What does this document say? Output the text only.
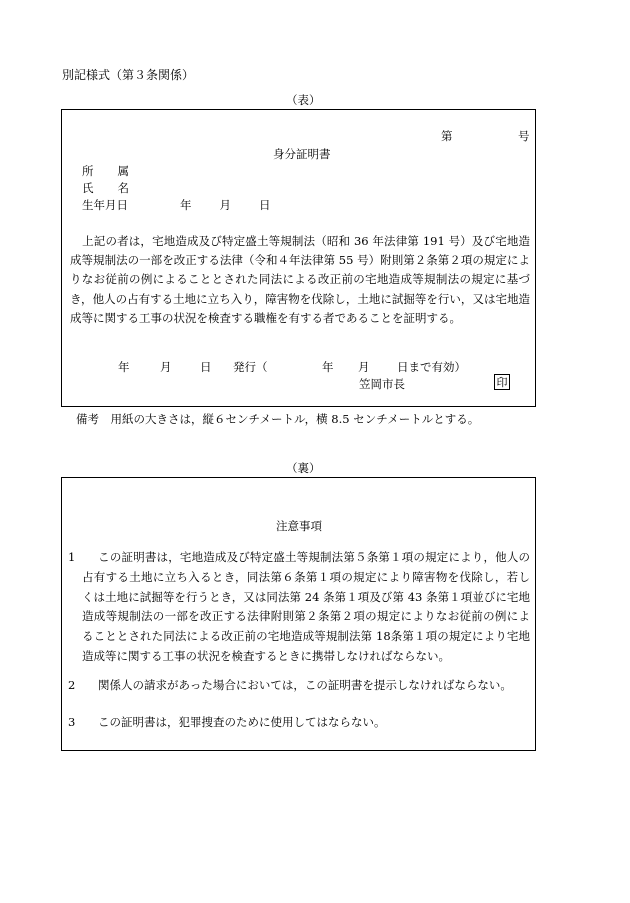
別記様式（第３条関係）
（表）
第	号
身分証明書
所 属
氏 名
生年月日	年 月 日
上記の者は，宅地造成及び特定盛土等規制法（昭和 36 年法律第 191 号）及び宅地造成等規制法の一部を改正する法律（令和４年法律第 55 号）附則第２条第２項の規定によりなお従前の例によることとされた同法による改正前の宅地造成等規制法の規定に基づき，他人の占有する土地に立ち入り，障害物を伐除し，土地に試掘等を行い，又は宅地造成等に関する工事の状況を検査する職権を有する者であることを証明する。
年	月 日 発行（	年 月 日まで有効）
笠岡市長	印
備考　用紙の大きさは，縦６センチメートル，横 8.5 センチメートルとする。
（裏）
注意事項
1 この証明書は，宅地造成及び特定盛土等規制法第５条第１項の規定により，他人の占有する土地に立ち入るとき，同法第６条第１項の規定により障害物を伐除し，若しくは土地に試掘等を行うとき，又は同法第 24 条第１項及び第 43 条第１項並びに宅地造成等規制法の一部を改正する法律附則第２条第２項の規定によりなお従前の例によることとされた同法による改正前の宅地造成等規制法第 18条第１項の規定により宅地造成等に関する工事の状況を検査するときに携帯しなければならない。
2 関係人の請求があった場合においては，この証明書を提示しなければならない。
3 この証明書は，犯罪捜査のために使用してはならない。
